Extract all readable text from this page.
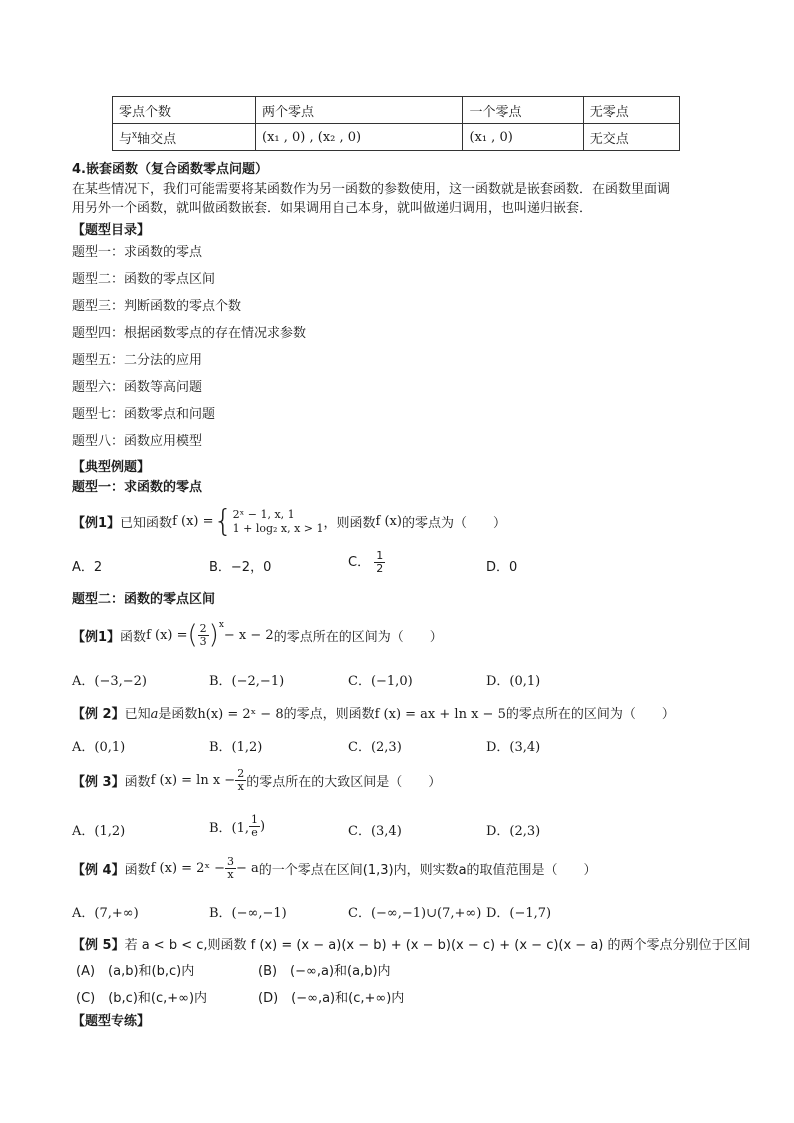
零点个数	两个零点	一个零点	无零点
与$^x$轴交点	(x₁ , 0) , (x₂ , 0)	(x₁ , 0)	无交点
4.嵌套函数（复合函数零点问题）
在某些情况下，我们可能需要将某函数作为另一函数的参数使用，这一函数就是嵌套函数．在函数里面调
用另外一个函数，就叫做函数嵌套．如果调用自己本身，就叫做递归调用，也叫递归嵌套．
【题型目录】
题型一：求函数的零点
题型二：函数的零点区间
题型三：判断函数的零点个数
题型四：根据函数零点的存在情况求参数
题型五：二分法的应用
题型六：函数等高问题
题型七：函数零点和问题
题型八：函数应用模型
【典型例题】
题型一：求函数的零点
【例1】 已知函数 f (x) = { 2ˣ − 1, x, 1
1 + log₂ x, x > 1 ，则函数 f (x) 的零点为（　　）
A．2	B．−2，0	C． $\frac{1}{2}$	D．0
题型二：函数的零点区间
【例1】 函数 f (x) = ( $\frac{2}{3} )^x$
− x − 2 的零点所在的区间为（　　）
A．(−3,−2)	B．(−2,−1)	C．(−1,0)	D．(0,1)
【例 2】已知a是函数h(x) = 2ˣ − 8的零点，则函数f (x) = ax + ln x − 5的零点所在的区间为（　　）
A．(0,1)	B．(1,2)	C．(2,3)	D．(3,4)
【例 3】 函数 f $(x) = \ln x - \frac{2}{x}$ 的零点所在的大致区间是（　　）
A．(1,2)	B．(1, $\frac{1}{e}$ )	C．(3,4)	D．(2,3)
【例 4】 函数 f (x) = 2ˣ − $\frac{3}{x} - a$ 的一个零点在区间(1,3)内，则实数a的取值范围是（　　）
A．(7,+∞)	B．(−∞,−1)	C．(−∞,−1)∪(7,+∞) D．(−1,7)
【例 5】若 a < b < c,则函数 f (x) = (x − a)(x − b) + (x − b)(x − c) + (x − c)(x − a) 的两个零点分别位于区间
(A)　(a,b)和(b,c)内	(B)　(−∞,a)和(a,b)内
(C)　(b,c)和(c,+∞)内	(D)　(−∞,a)和(c,+∞)内
【题型专练】
